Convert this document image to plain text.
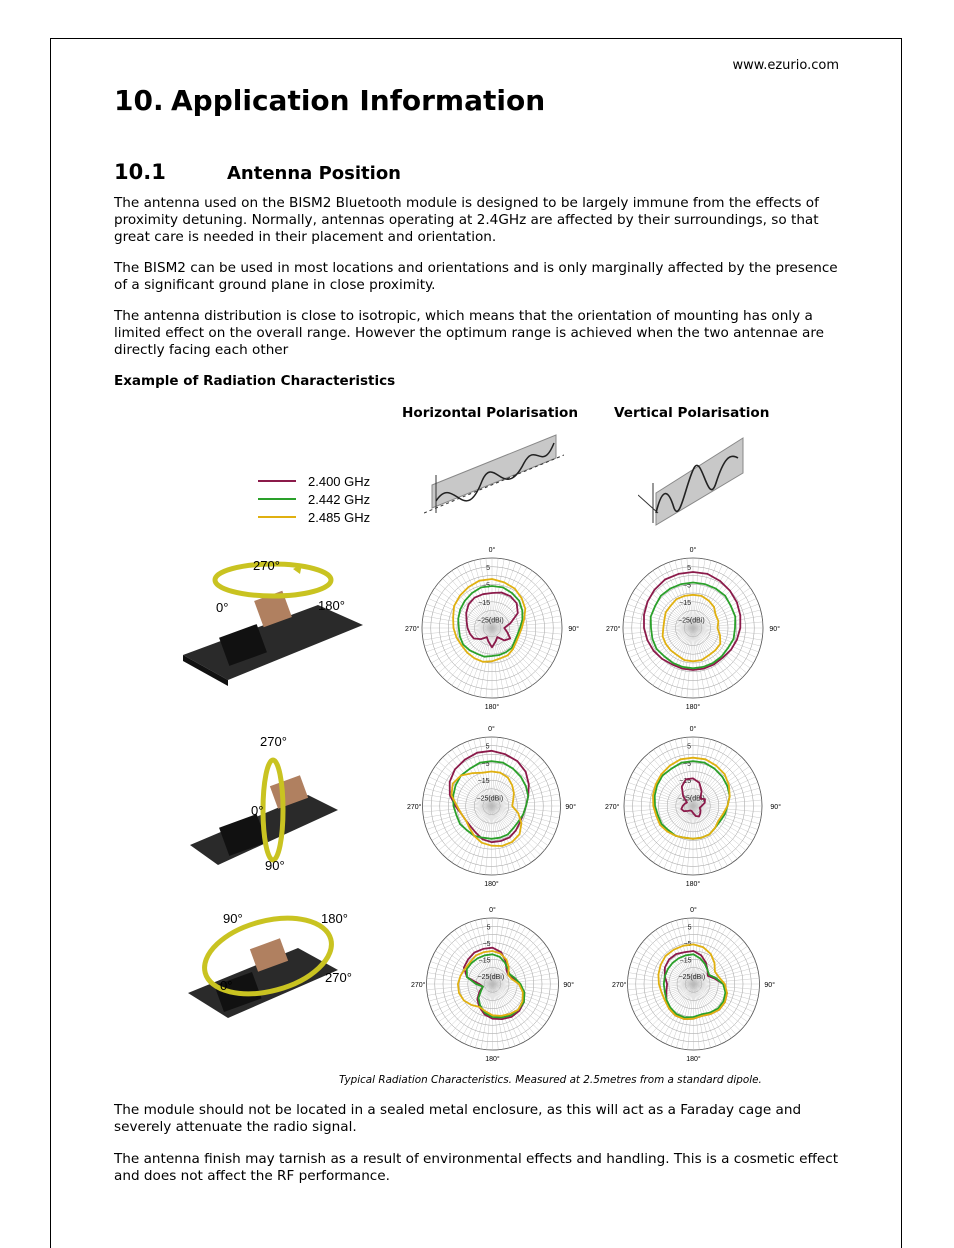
www.ezurio.com
10. Application Information
10.1	Antenna Position

The antenna used on the BISM2 Bluetooth module is designed to be largely immune from the effects of proximity detuning. Normally, antennas operating at 2.4GHz are affected by their surroundings, so that great care is needed in their placement and orientation.

The BISM2 can be used in most locations and orientations and is only marginally affected by the presence of a significant ground plane in close proximity.

The antenna distribution is close to isotropic, which means that the orientation of mounting has only a limited effect on the overall range. However the optimum range is achieved when the two antennae are directly facing each other

Example of Radiation Characteristics
Horizontal Polarisation	Vertical Polarisation
2.400 GHz
2.442 GHz
2.485 GHz
270°
0°	180°
270°
0°
90°
90°	180°
0°
270°
5
−5
−15
−25(dBi)
0°
180°
270°	90°
5
−5
−15
−25(dBi)
0°
180°
270°	90°
5
−5
−15
−25(dBi)
0°
180°
270°	90°
5
−5
−15
−25(dBi)
0°
180°
270°	90°
5
−5
−15
−25(dBi)
0°
180°
270°	90°
5
−5
−15
−25(dBi)
0°
180°
270°	90°
Typical Radiation Characteristics. Measured at 2.5metres from a standard dipole.

The module should not be located in a sealed metal enclosure, as this will act as a Faraday cage and severely attenuate the radio signal.

The antenna finish may tarnish as a result of environmental effects and handling. This is a cosmetic effect and does not affect the RF performance.
